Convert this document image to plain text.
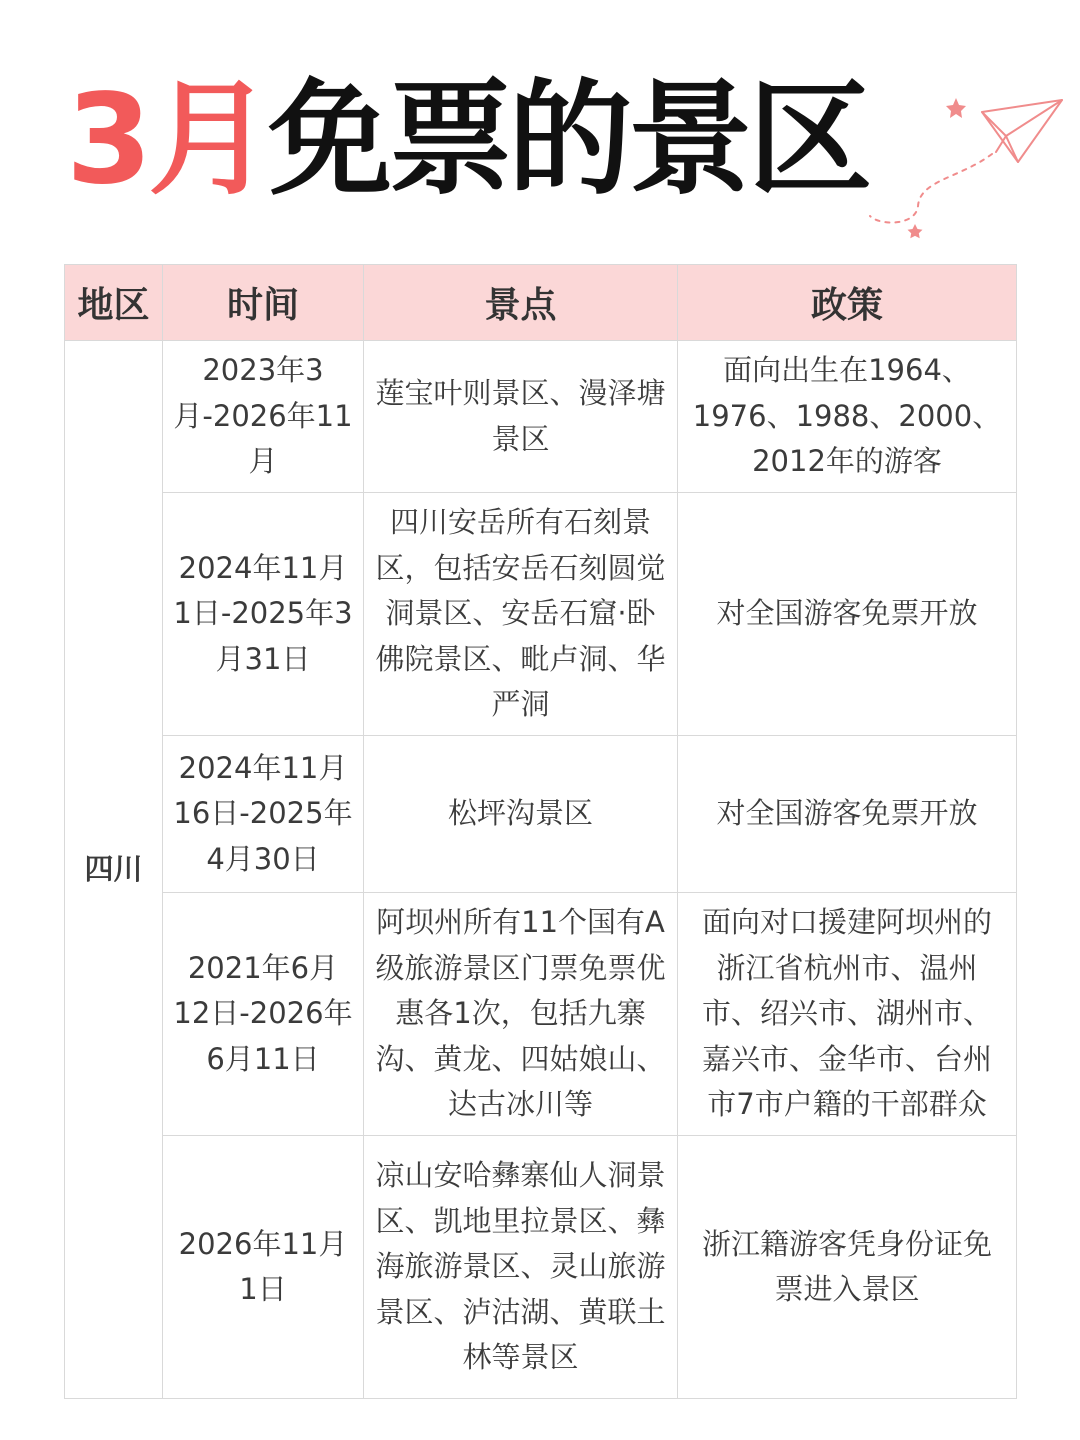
3月 免票的景区
地区	时间	景点	政策
四川	2023年3月-2026年11月	莲宝叶则景区、漫泽塘景区	面向出生在1964、1976、1988、2000、2012年的游客
	2024年11月1日-2025年3月31日	四川安岳所有石刻景区，包括安岳石刻圆觉洞景区、安岳石窟·卧佛院景区、毗卢洞、华严洞	对全国游客免票开放
	2024年11月16日-2025年4月30日	松坪沟景区	对全国游客免票开放
	2021年6月12日-2026年6月11日	阿坝州所有11个国有A级旅游景区门票免票优惠各1次，包括九寨沟、黄龙、四姑娘山、达古冰川等	面向对口援建阿坝州的浙江省杭州市、温州市、绍兴市、湖州市、嘉兴市、金华市、台州市7市户籍的干部群众
	2026年11月1日	凉山安哈彝寨仙人洞景区、凯地里拉景区、彝海旅游景区、灵山旅游景区、泸沽湖、黄联土林等景区	浙江籍游客凭身份证免票进入景区
